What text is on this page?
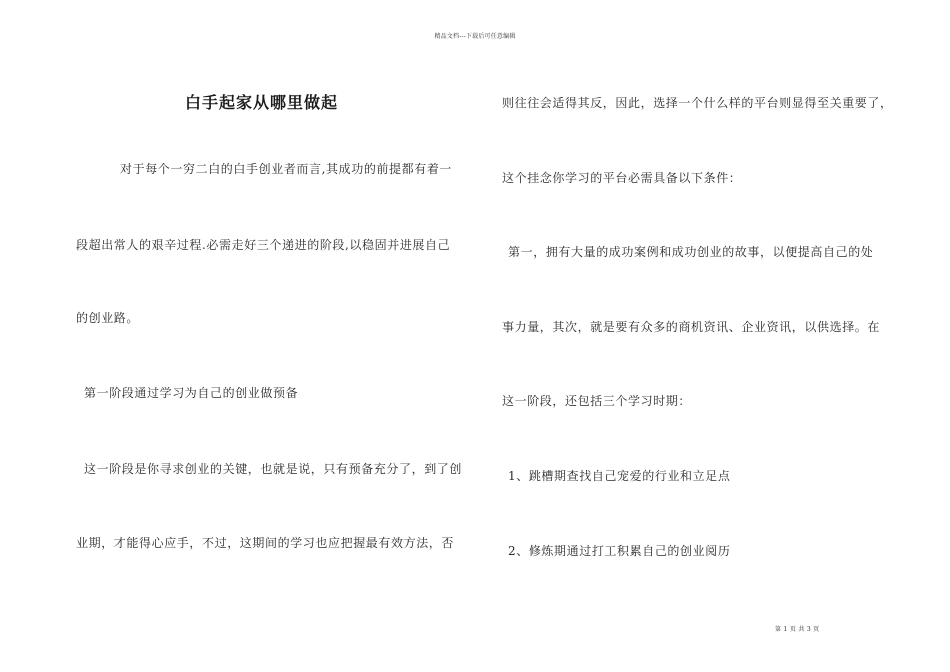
精品文档---下载后可任意编辑
白手起家从哪里做起
对于每个一穷二白的白手创业者而言,其成功的前提都有着一
段超出常人的艰辛过程.必需走好三个递进的阶段,以稳固并进展自己
的创业路。
第一阶段通过学习为自己的创业做预备
这一阶段是你寻求创业的关键，也就是说，只有预备充分了，到了创
业期，才能得心应手，不过，这期间的学习也应把握最有效方法，否
则往往会适得其反，因此，选择一个什么样的平台则显得至关重要了，
这个挂念你学习的平台必需具备以下条件：
第一，拥有大量的成功案例和成功创业的故事，以便提高自己的处
事力量，其次，就是要有众多的商机资讯、企业资讯，以供选择。在
这一阶段，还包括三个学习时期：
1、跳槽期查找自己宠爱的行业和立足点
2、修炼期通过打工积累自己的创业阅历
第 1 页 共 3 页
